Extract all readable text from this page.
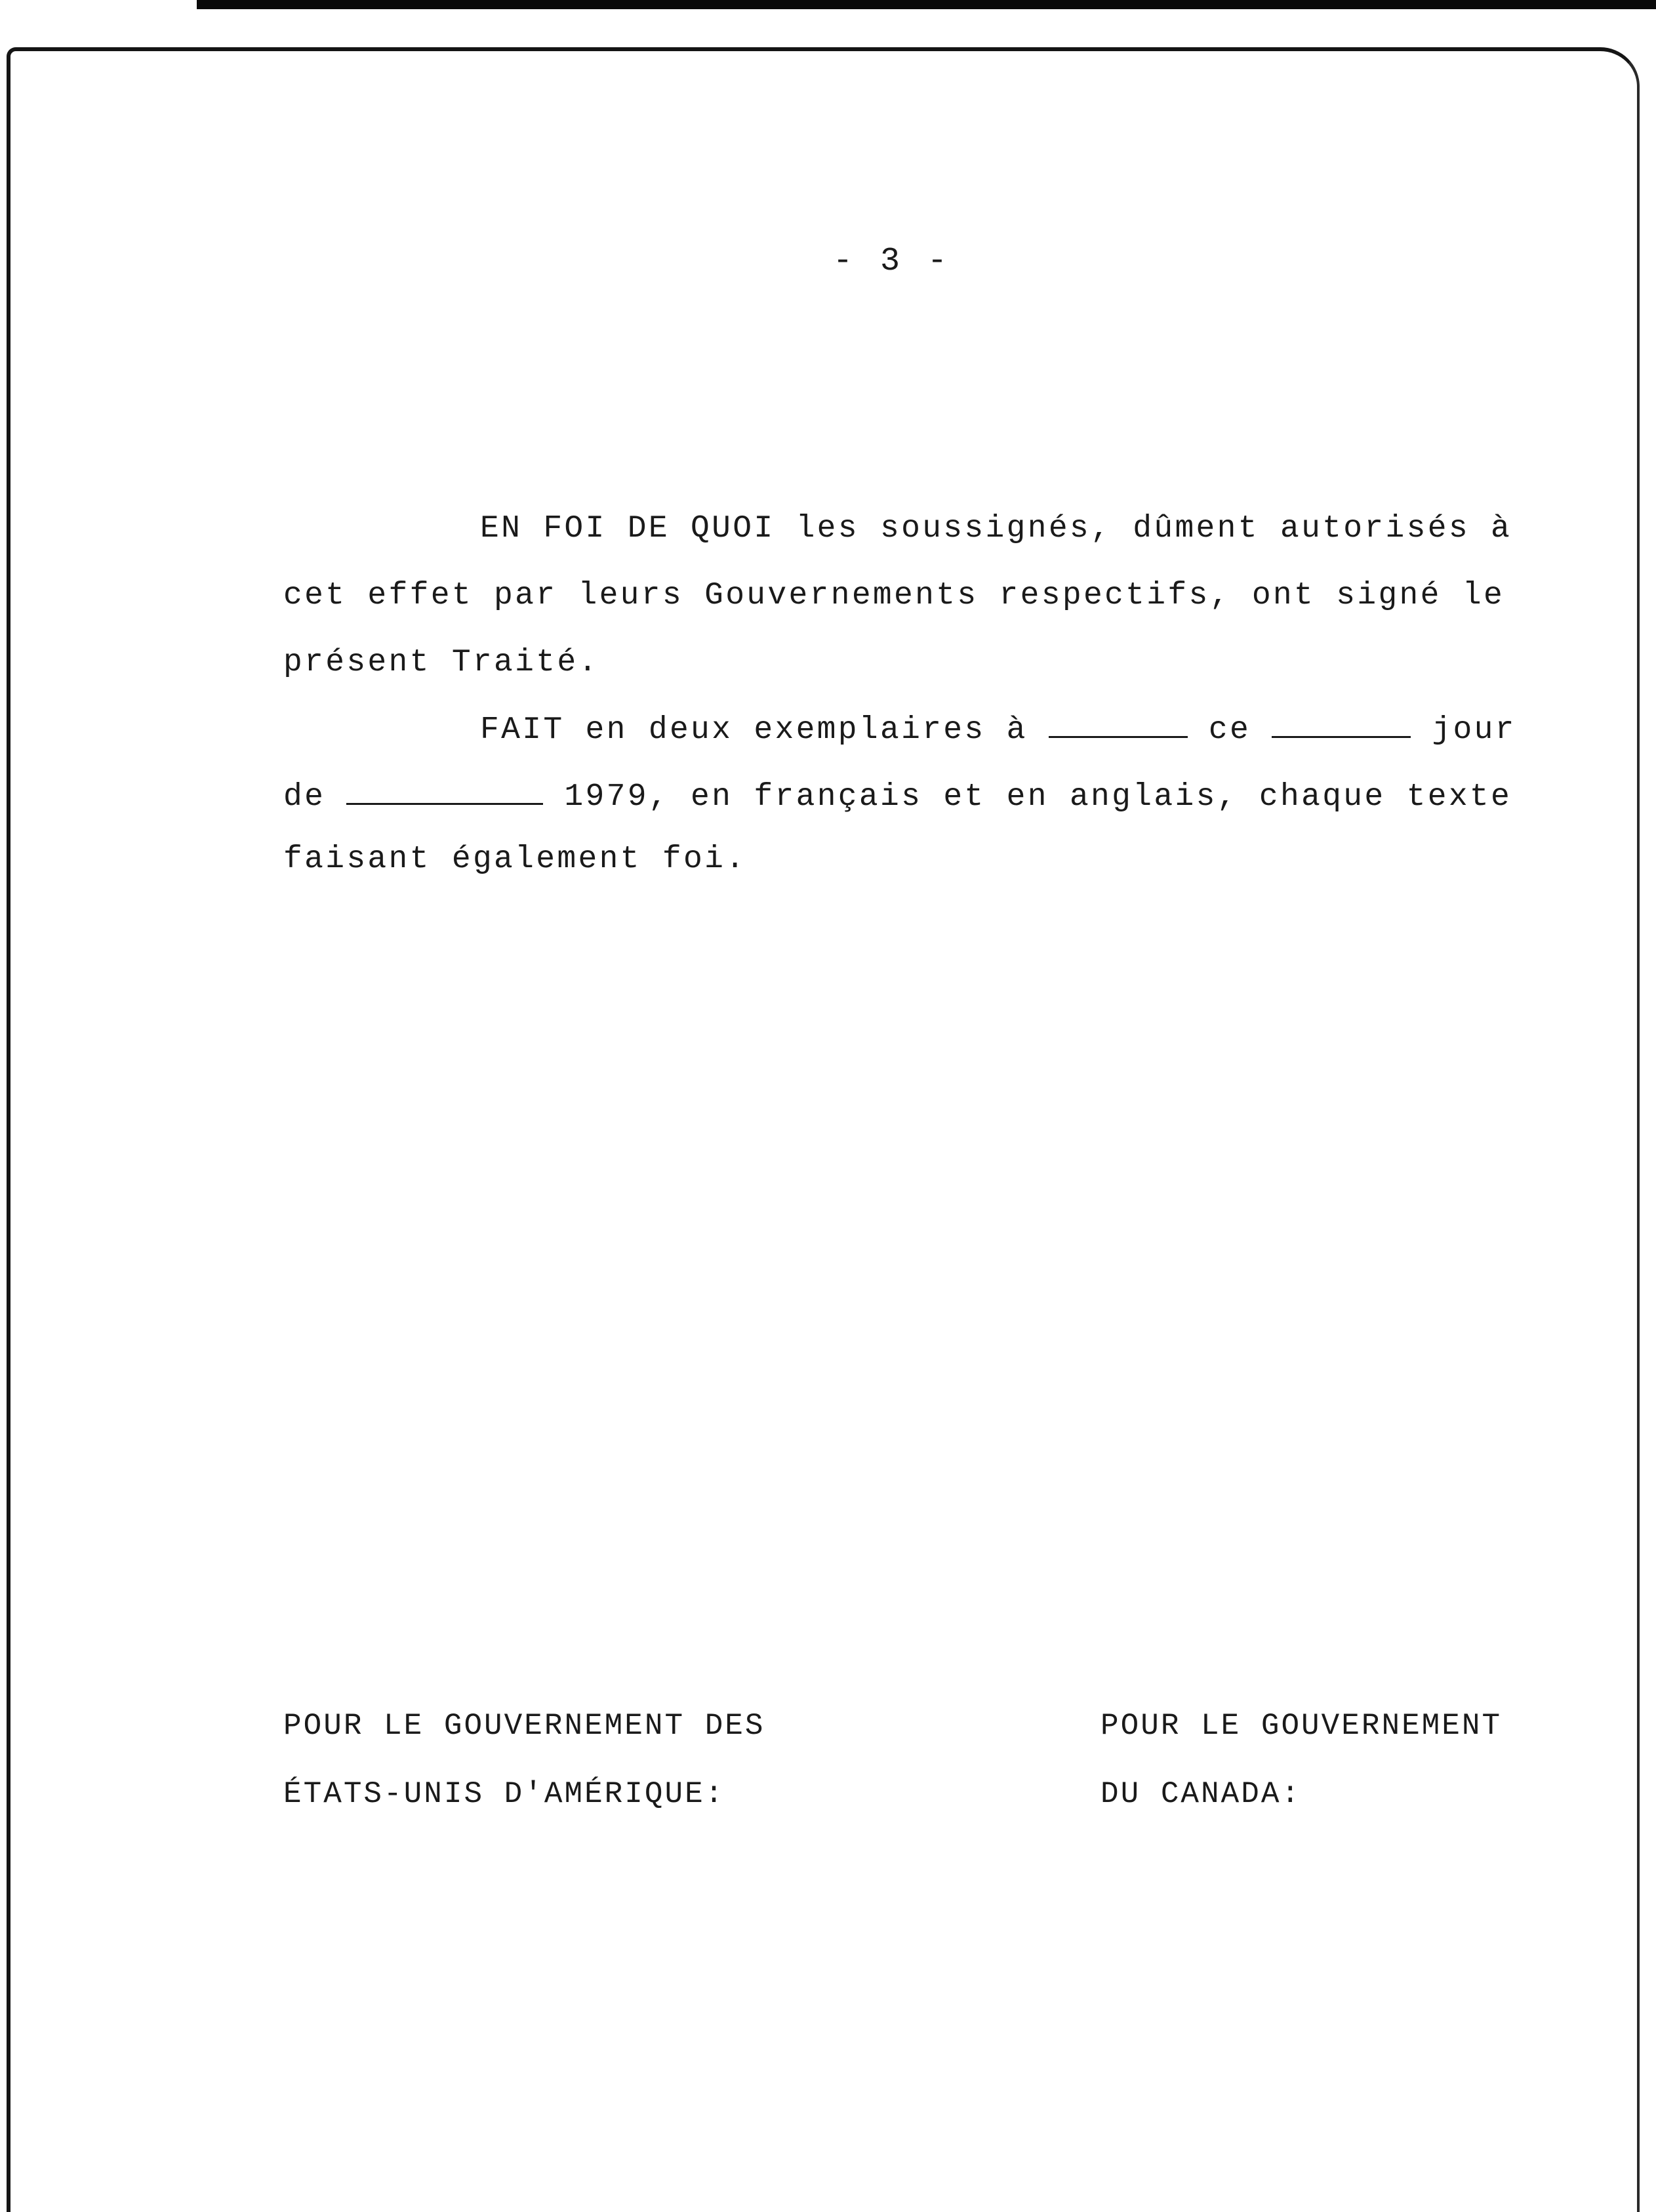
- 3 -
EN FOI DE QUOI les soussignés, dûment autorisés à
cet effet par leurs Gouvernements respectifs, ont signé le
présent Traité.
FAIT en deux exemplaires à	ce	jour
de	1979, en français et en anglais, chaque texte
faisant également foi.
POUR LE GOUVERNEMENT DES
ÉTATS-UNIS D'AMÉRIQUE:
POUR LE GOUVERNEMENT
DU CANADA:
